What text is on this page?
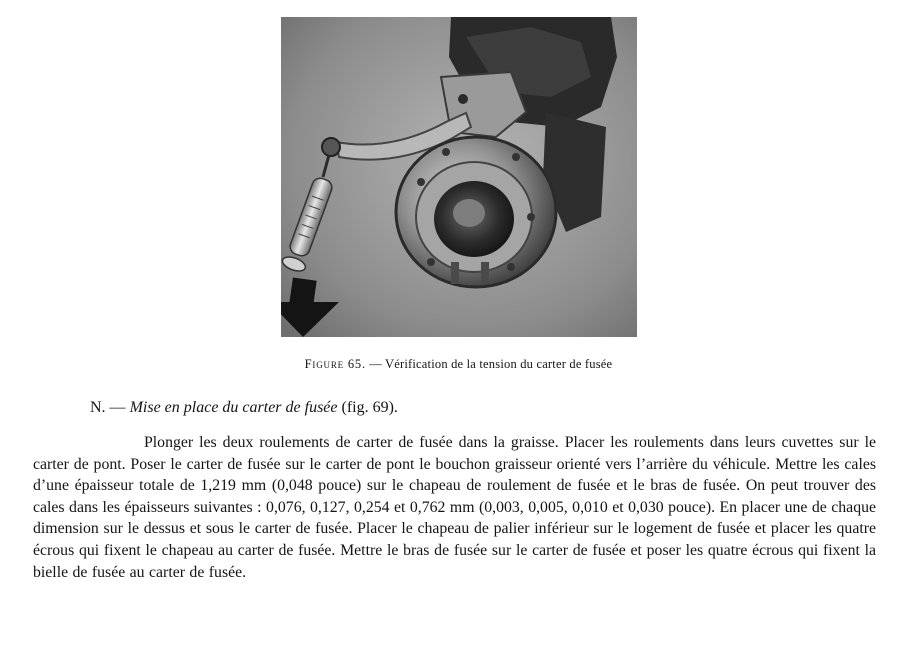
Figure 65. — Vérification de la tension du carter de fusée
N. — Mise en place du carter de fusée (fig. 69).

Plonger les deux roulements de carter de fusée dans la graisse. Placer les roulements dans leurs cuvettes sur le carter de pont. Poser le carter de fusée sur le carter de pont le bouchon graisseur orienté vers l’arrière du véhicule. Mettre les cales d’une épaisseur totale de 1,219 mm (0,048 pouce) sur le chapeau de roulement de fusée et le bras de fusée. On peut trouver des cales dans les épaisseurs suivantes : 0,076, 0,127, 0,254 et 0,762 mm (0,003, 0,005, 0,010 et 0,030 pouce). En placer une de chaque dimension sur le dessus et sous le carter de fusée. Placer le chapeau de palier inférieur sur le logement de fusée et placer les quatre écrous qui fixent le chapeau au carter de fusée. Mettre le bras de fusée sur le carter de fusée et poser les quatre écrous qui fixent la bielle de fusée au carter de fusée.
